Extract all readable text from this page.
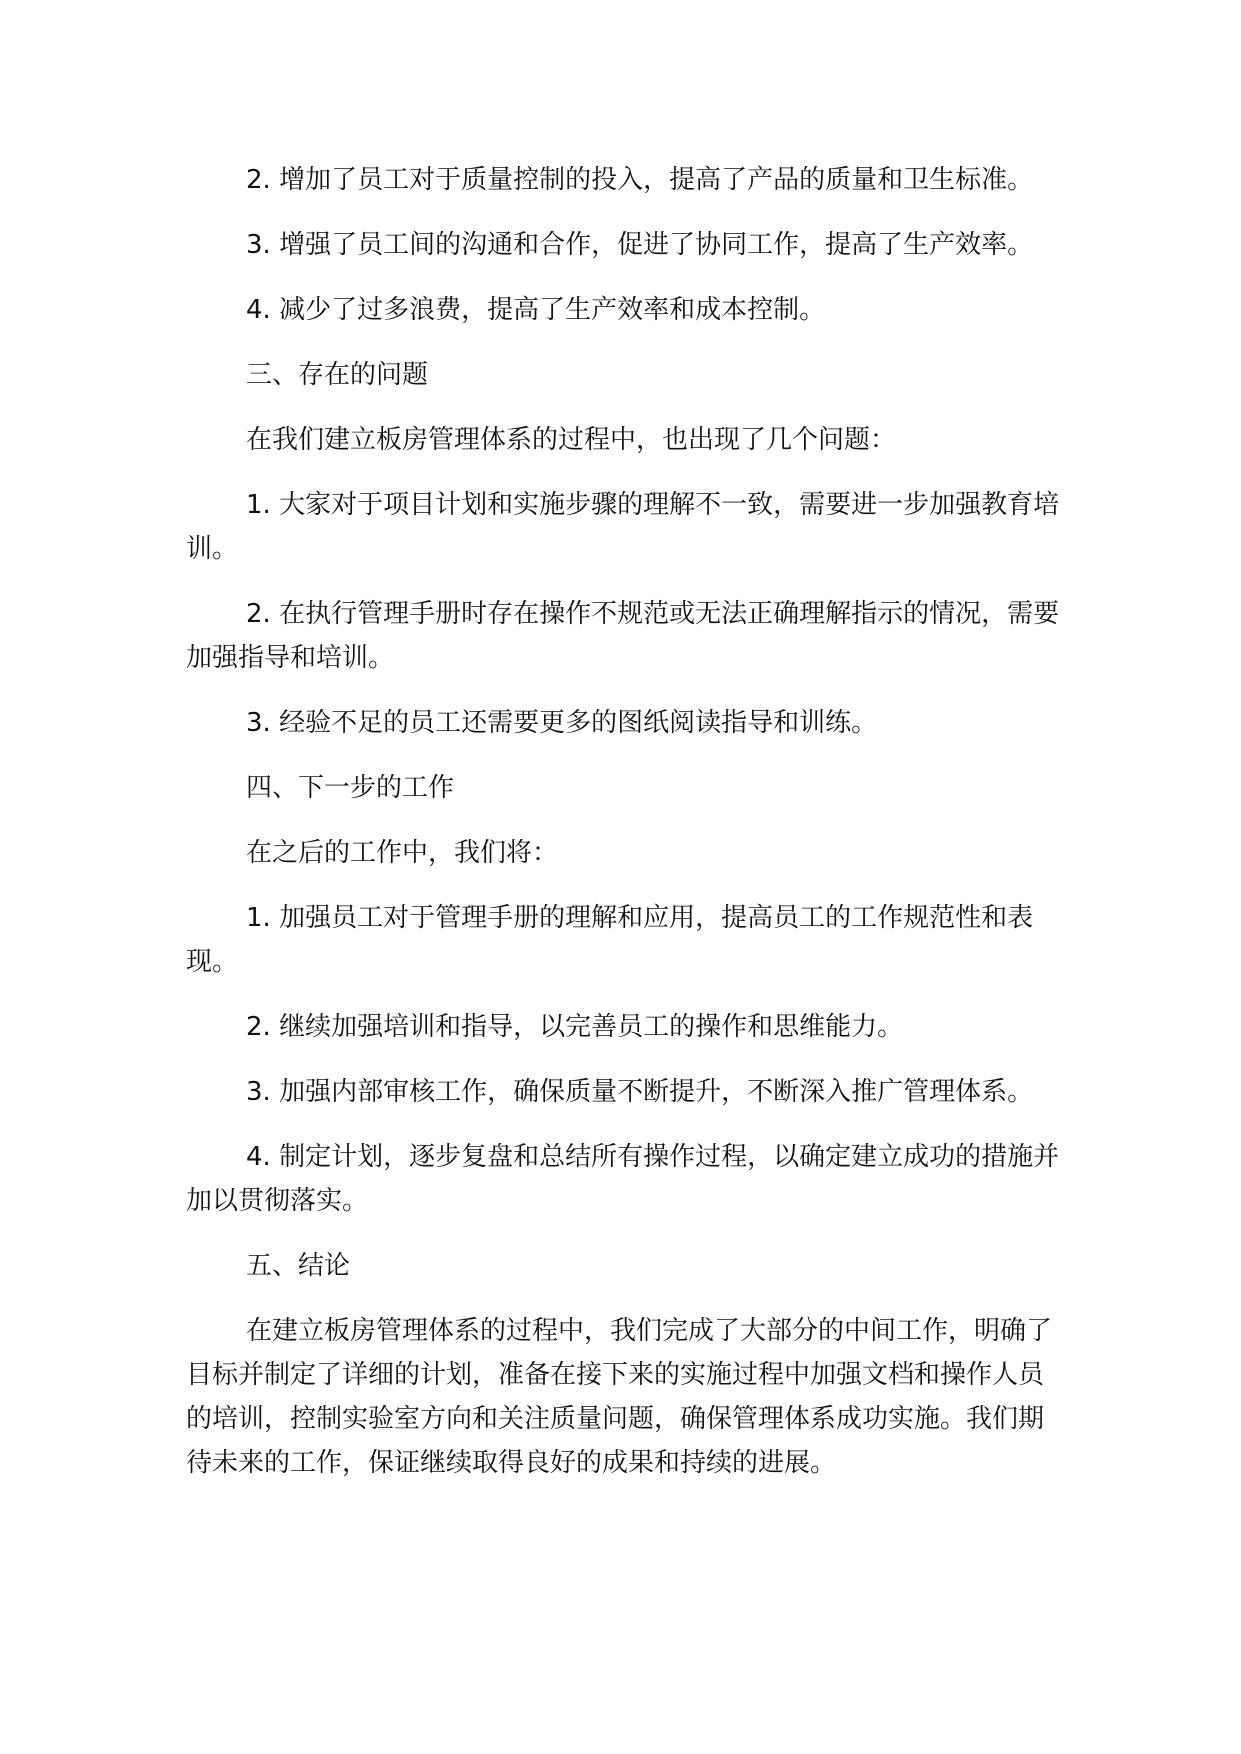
2. 增加了员工对于质量控制的投入，提高了产品的质量和卫生标准。

3. 增强了员工间的沟通和合作，促进了协同工作，提高了生产效率。

4. 减少了过多浪费，提高了生产效率和成本控制。

三、存在的问题

在我们建立板房管理体系的过程中，也出现了几个问题：

1. 大家对于项目计划和实施步骤的理解不一致，需要进一步加强教育培训。

2. 在执行管理手册时存在操作不规范或无法正确理解指示的情况，需要加强指导和培训。

3. 经验不足的员工还需要更多的图纸阅读指导和训练。

四、下一步的工作

在之后的工作中，我们将：

1. 加强员工对于管理手册的理解和应用，提高员工的工作规范性和表现。

2. 继续加强培训和指导，以完善员工的操作和思维能力。

3. 加强内部审核工作，确保质量不断提升，不断深入推广管理体系。

4. 制定计划，逐步复盘和总结所有操作过程，以确定建立成功的措施并加以贯彻落实。

五、结论

在建立板房管理体系的过程中，我们完成了大部分的中间工作，明确了目标并制定了详细的计划，准备在接下来的实施过程中加强文档和操作人员的培训，控制实验室方向和关注质量问题，确保管理体系成功实施。我们期待未来的工作，保证继续取得良好的成果和持续的进展。
